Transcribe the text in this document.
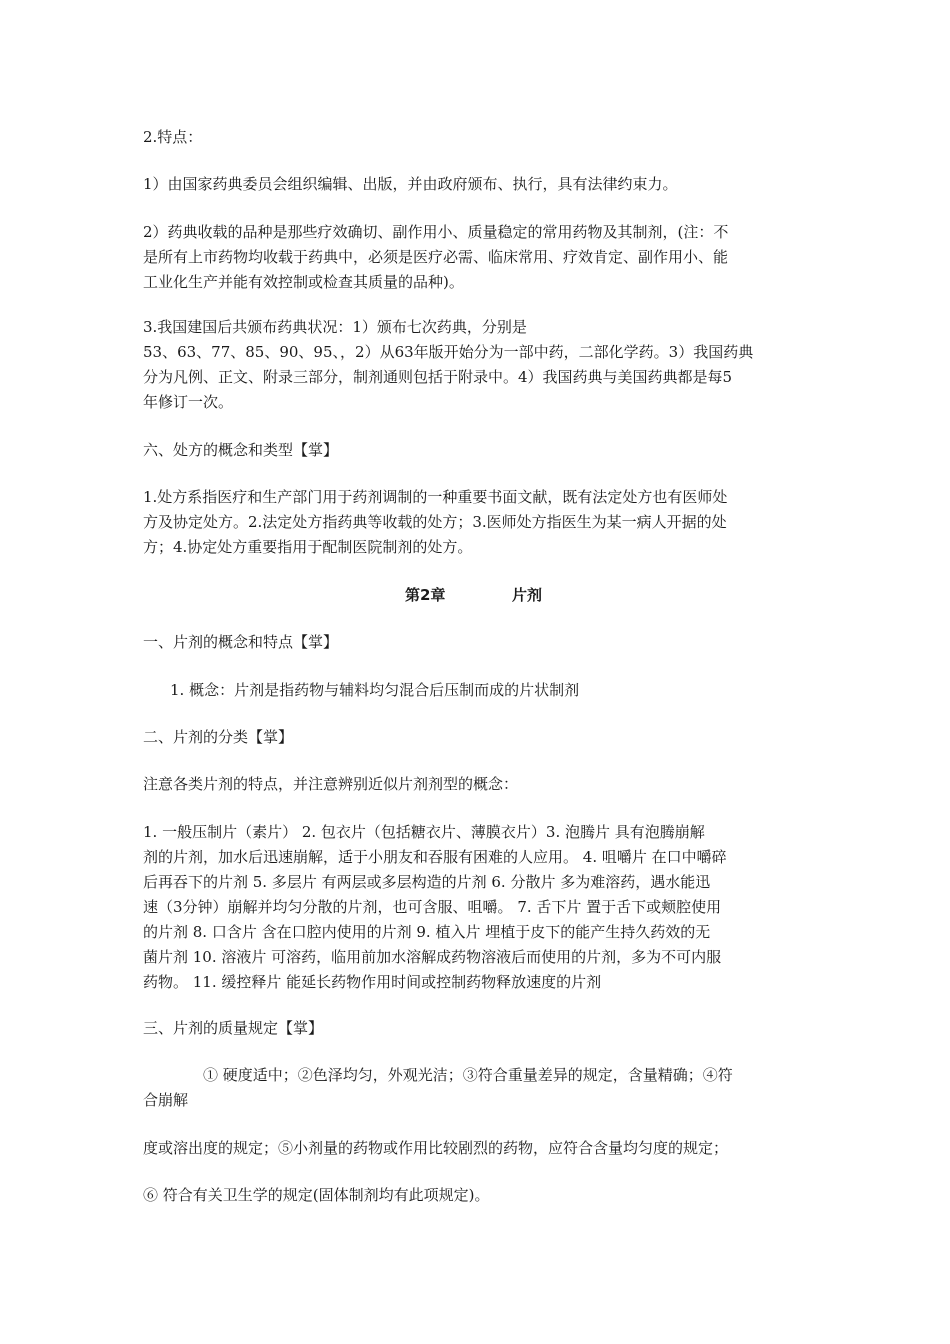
2.特点：

1）由国家药典委员会组织编辑、出版，并由政府颁布、执行，具有法律约束力。

2）药典收载的品种是那些疗效确切、副作用小、质量稳定的常用药物及其制剂，(注：不
是所有上市药物均收载于药典中，必须是医疗必需、临床常用、疗效肯定、副作用小、能
工业化生产并能有效控制或检查其质量的品种)。

3.我国建国后共颁布药典状况：1）颁布七次药典，分别是
53、63、77、85、90、95、，2）从63年版开始分为一部中药，二部化学药。3）我国药典
分为凡例、正文、附录三部分，制剂通则包括于附录中。4）我国药典与美国药典都是每5
年修订一次。

六、处方的概念和类型【掌】

1.处方系指医疗和生产部门用于药剂调制的一种重要书面文献，既有法定处方也有医师处
方及协定处方。2.法定处方指药典等收载的处方；3.医师处方指医生为某一病人开据的处
方；4.协定处方重要指用于配制医院制剂的处方。

第2章	片剂

一、片剂的概念和特点【掌】

1. 概念：片剂是指药物与辅料均匀混合后压制而成的片状制剂

二、片剂的分类【掌】

注意各类片剂的特点，并注意辨别近似片剂剂型的概念：

1. 一般压制片（素片） 2. 包衣片（包括糖衣片、薄膜衣片）3. 泡腾片 具有泡腾崩解
剂的片剂，加水后迅速崩解，适于小朋友和吞服有困难的人应用。 4. 咀嚼片 在口中嚼碎
后再吞下的片剂 5. 多层片 有两层或多层构造的片剂 6. 分散片 多为难溶药，遇水能迅
速（3分钟）崩解并均匀分散的片剂，也可含服、咀嚼。 7. 舌下片 置于舌下或颊腔使用
的片剂 8. 口含片 含在口腔内使用的片剂 9. 植入片 埋植于皮下的能产生持久药效的无
菌片剂 10. 溶液片 可溶药，临用前加水溶解成药物溶液后而使用的片剂，多为不可内服
药物。 11. 缓控释片 能延长药物作用时间或控制药物释放速度的片剂

三、片剂的质量规定【掌】

① 硬度适中；②色泽均匀，外观光洁；③符合重量差异的规定，含量精确；④符

合崩解

度或溶出度的规定；⑤小剂量的药物或作用比较剧烈的药物，应符合含量均匀度的规定；

⑥ 符合有关卫生学的规定(固体制剂均有此项规定)。
